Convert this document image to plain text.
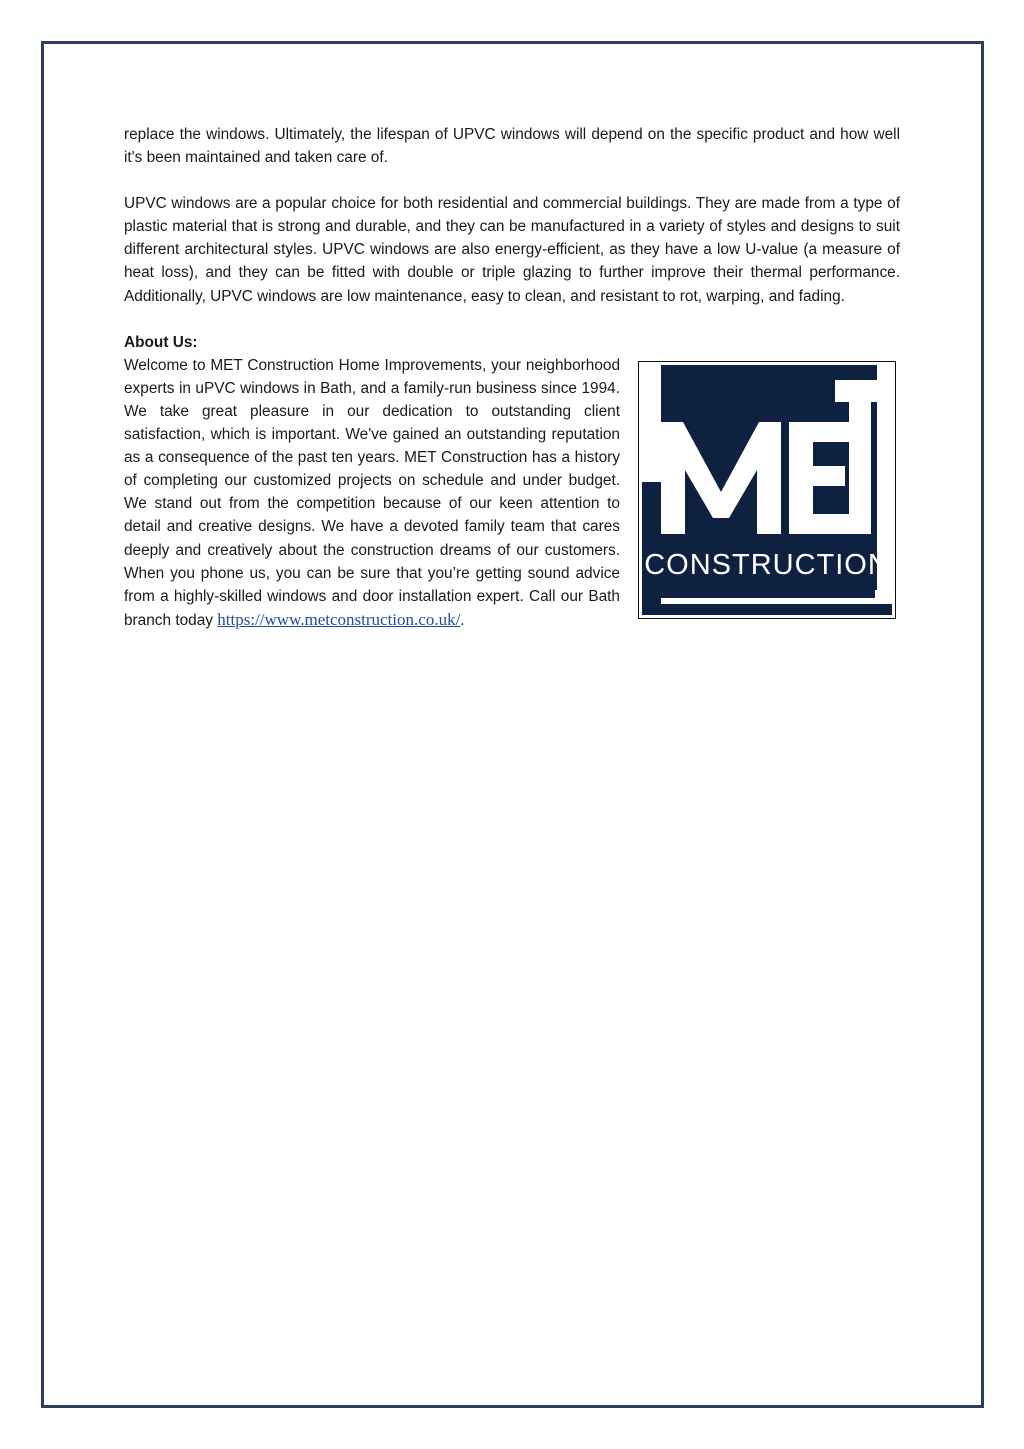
replace the windows. Ultimately, the lifespan of UPVC windows will depend on the specific product and how well it's been maintained and taken care of.

UPVC windows are a popular choice for both residential and commercial buildings. They are made from a type of plastic material that is strong and durable, and they can be manufactured in a variety of styles and designs to suit different architectural styles. UPVC windows are also energy-efficient, as they have a low U-value (a measure of heat loss), and they can be fitted with double or triple glazing to further improve their thermal performance. Additionally, UPVC windows are low maintenance, easy to clean, and resistant to rot, warping, and fading.

About Us:

CONSTRUCTION

Welcome to MET Construction Home Improvements, your neighborhood experts in uPVC windows in Bath, and a family-run business since 1994. We take great pleasure in our dedication to outstanding client satisfaction, which is important. We've gained an outstanding reputation as a consequence of the past ten years. MET Construction has a history of completing our customized projects on schedule and under budget. We stand out from the competition because of our keen attention to detail and creative designs. We have a devoted family team that cares deeply and creatively about the construction dreams of our customers. When you phone us, you can be sure that you’re getting sound advice from a highly-skilled windows and door installation expert. Call our Bath branch today https://www.metconstruction.co.uk/.
